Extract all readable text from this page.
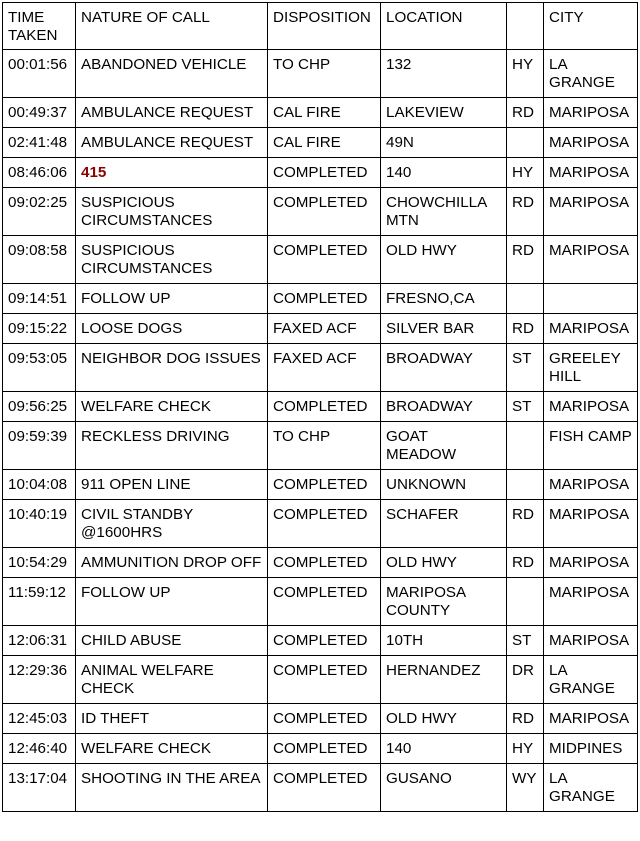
TIME TAKEN	NATURE OF CALL	DISPOSITION	LOCATION		CITY
00:01:56	ABANDONED VEHICLE	TO CHP	132	HY	LA GRANGE
00:49:37	AMBULANCE REQUEST	CAL FIRE	LAKEVIEW	RD	MARIPOSA
02:41:48	AMBULANCE REQUEST	CAL FIRE	49N		MARIPOSA
08:46:06	415	COMPLETED	140	HY	MARIPOSA
09:02:25	SUSPICIOUS CIRCUMSTANCES	COMPLETED	CHOWCHILLA MTN	RD	MARIPOSA
09:08:58	SUSPICIOUS CIRCUMSTANCES	COMPLETED	OLD HWY	RD	MARIPOSA
09:14:51	FOLLOW UP	COMPLETED	FRESNO,CA		
09:15:22	LOOSE DOGS	FAXED ACF	SILVER BAR	RD	MARIPOSA
09:53:05	NEIGHBOR DOG ISSUES	FAXED ACF	BROADWAY	ST	GREELEY HILL
09:56:25	WELFARE CHECK	COMPLETED	BROADWAY	ST	MARIPOSA
09:59:39	RECKLESS DRIVING	TO CHP	GOAT MEADOW		FISH CAMP
10:04:08	911 OPEN LINE	COMPLETED	UNKNOWN		MARIPOSA
10:40:19	CIVIL STANDBY @1600HRS	COMPLETED	SCHAFER	RD	MARIPOSA
10:54:29	AMMUNITION DROP OFF	COMPLETED	OLD HWY	RD	MARIPOSA
11:59:12	FOLLOW UP	COMPLETED	MARIPOSA COUNTY		MARIPOSA
12:06:31	CHILD ABUSE	COMPLETED	10TH	ST	MARIPOSA
12:29:36	ANIMAL WELFARE CHECK	COMPLETED	HERNANDEZ	DR	LA GRANGE
12:45:03	ID THEFT	COMPLETED	OLD HWY	RD	MARIPOSA
12:46:40	WELFARE CHECK	COMPLETED	140	HY	MIDPINES
13:17:04	SHOOTING IN THE AREA	COMPLETED	GUSANO	WY	LA GRANGE
